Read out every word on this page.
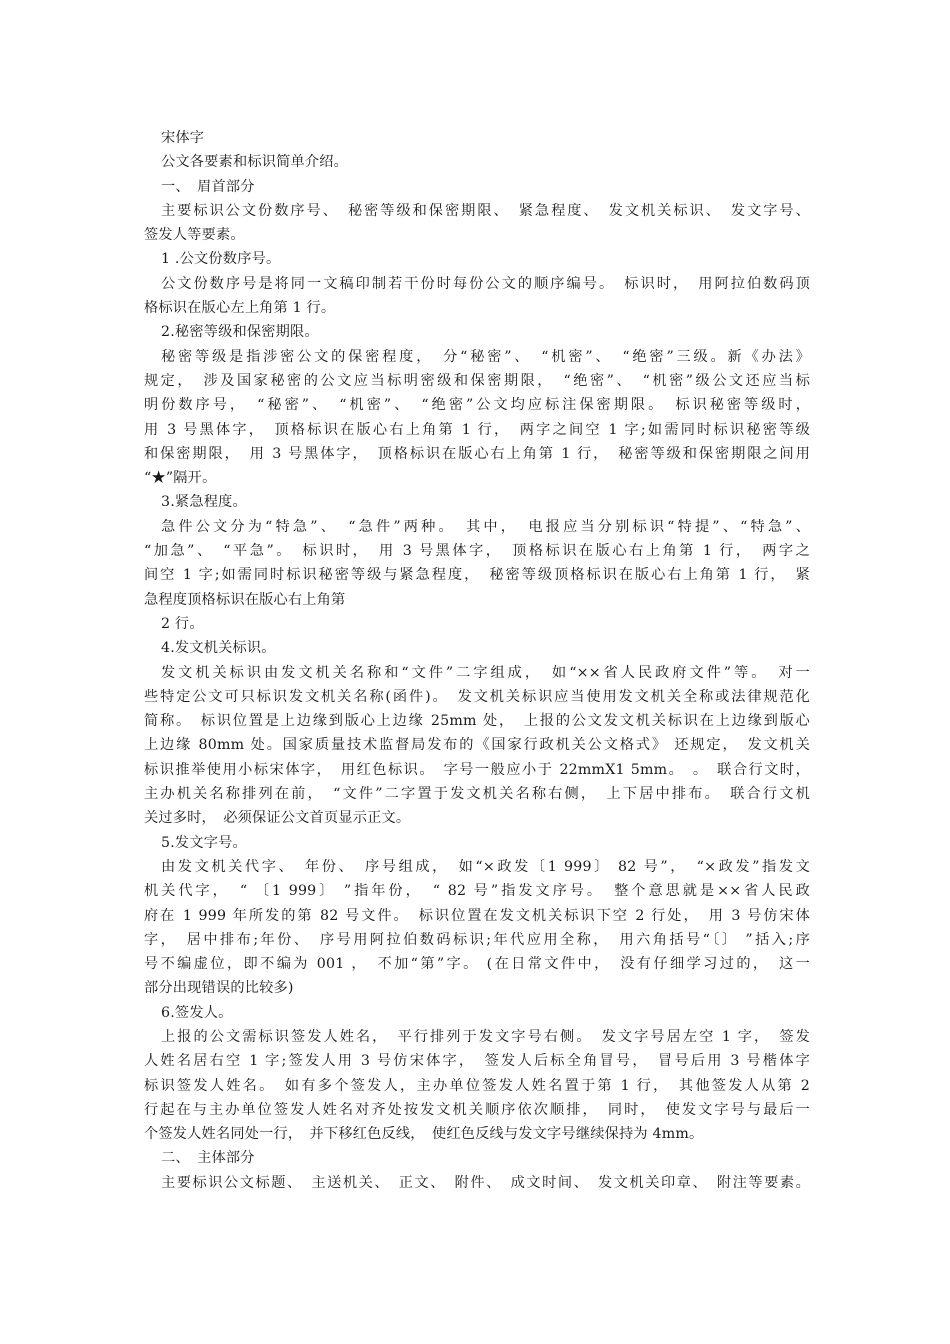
宋体字
公文各要素和标识简单介绍。
一、　眉首部分
主要标识公文份数序号、　秘密等级和保密期限、　紧急程度、　发文机关标识、　发文字号、
签发人等要素。
1 .公文份数序号。
公文份数序号是将同一文稿印制若干份时每份公文的顺序编号。　标识时，　用阿拉伯数码顶
格标识在版心左上角第 1 行。
2.秘密等级和保密期限。
秘密等级是指涉密公文的保密程度，　分“秘密”、　“机密”、　“绝密”三级。新《办法》
规定，　涉及国家秘密的公文应当标明密级和保密期限，　“绝密”、　“机密”级公文还应当标
明份数序号，　“秘密”、　“机密”、　“绝密”公文均应标注保密期限。　标识秘密等级时，
用 3 号黑体字，　顶格标识在版心右上角第 1 行，　两字之间空 1 字;如需同时标识秘密等级
和保密期限，　用 3 号黑体字，　顶格标识在版心右上角第 1 行，　秘密等级和保密期限之间用
“★”隔开。
3.紧急程度。
急件公文分为“特急”、　“急件”两种。　其中，　电报应当分别标识“特提”、“特急”、
“加急”、　“平急”。　标识时，　用 3 号黑体字，　顶格标识在版心右上角第 1 行，　两字之
间空 1 字;如需同时标识秘密等级与紧急程度，　秘密等级顶格标识在版心右上角第 1 行，　紧
急程度顶格标识在版心右上角第
2 行。
4.发文机关标识。
发文机关标识由发文机关名称和“文件”二字组成，　如“××省人民政府文件”等。　对一
些特定公文可只标识发文机关名称(函件)。　发文机关标识应当使用发文机关全称或法律规范化
简称。　标识位置是上边缘到版心上边缘 25mm 处，　上报的公文发文机关标识在上边缘到版心
上边缘 80mm 处。国家质量技术监督局发布的《国家行政机关公文格式》 还规定，　发文机关
标识推举使用小标宋体字，　用红色标识。　字号一般应小于 22mmX1 5mm。　。　联合行文时，
主办机关名称排列在前，　“文件”二字置于发文机关名称右侧，　上下居中排布。　联合行文机
关过多时，　必须保证公文首页显示正文。
5.发文字号。
由发文机关代字、　年份、　序号组成，　如“×政发〔1 999〕 82 号”，　“×政发”指发文
机关代字，　“ 〔1 999〕 ”指年份，　“ 82 号”指发文序号。　整个意思就是××省人民政
府在 1 999 年所发的第 82 号文件。　标识位置在发文机关标识下空 2 行处，　用 3 号仿宋体
字，　居中排布;年份、　序号用阿拉伯数码标识;年代应用全称，　用六角括号“〔〕 ”括入;序
号不编虚位，即不编为 001 ，　不加“第”字。 (在日常文件中，　没有仔细学习过的，　这一
部分出现错误的比较多)
6.签发人。
上报的公文需标识签发人姓名，　平行排列于发文字号右侧。　发文字号居左空 1 字，　签发
人姓名居右空 1 字;签发人用 3 号仿宋体字，　签发人后标全角冒号，　冒号后用 3 号楷体字
标识签发人姓名。　如有多个签发人，主办单位签发人姓名置于第 1 行，　其他签发人从第 2
行起在与主办单位签发人姓名对齐处按发文机关顺序依次顺排，　同时，　使发文字号与最后一
个签发人姓名同处一行，　并下移红色反线，　使红色反线与发文字号继续保持为 4mm。
二、　主体部分
主要标识公文标题、　主送机关、　正文、　附件、　成文时间、　发文机关印章、　附注等要素。
